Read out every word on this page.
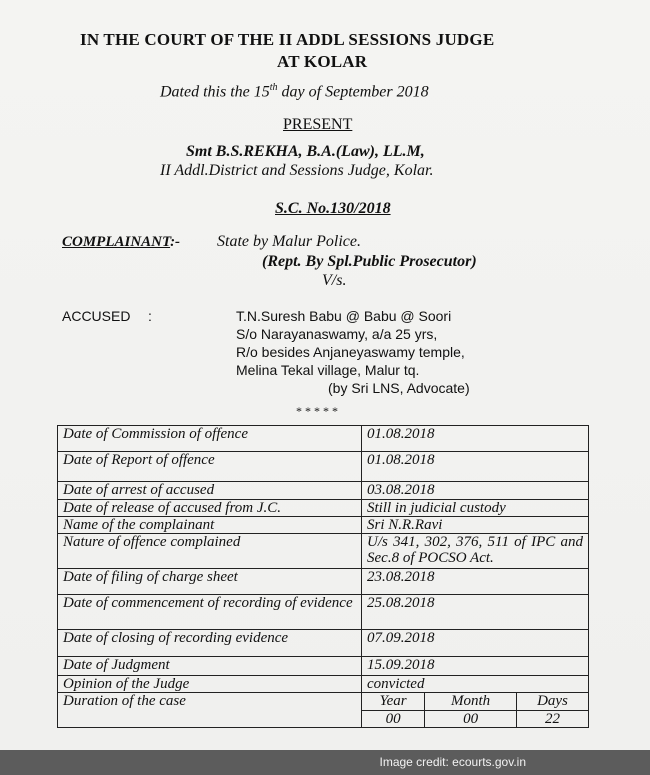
IN THE COURT OF THE II ADDL SESSIONS JUDGE
AT KOLAR
Dated this the 15th day of September 2018
PRESENT
Smt B.S.REKHA, B.A.(Law), LL.M,
II Addl.District and Sessions Judge, Kolar.
S.C. No.130/2018
COMPLAINANT:- State by Malur Police.
(Rept. By Spl.Public Prosecutor)
V/s.
ACCUSED :	T.N.Suresh Babu @ Babu @ Soori
S/o Narayanaswamy, a/a 25 yrs,
R/o besides Anjaneyaswamy temple,
Melina Tekal village, Malur tq.
(by Sri LNS, Advocate)
*****
Date of Commission of offence	01.08.2018
Date of Report of offence	01.08.2018
Date of arrest of accused	03.08.2018
Date of release of accused from J.C.	Still in judicial custody
Name of the complainant	Sri N.R.Ravi
Nature of offence complained	U/s 341, 302, 376, 511 of IPC and Sec.8 of POCSO Act.
Date of filing of charge sheet	23.08.2018
Date of commencement of recording of evidence	25.08.2018
Date of closing of recording evidence	07.09.2018
Date of Judgment	15.09.2018
Opinion of the Judge	convicted
Duration of the case		Year	Month	Days
00	00	22
Image credit: ecourts.gov.in
